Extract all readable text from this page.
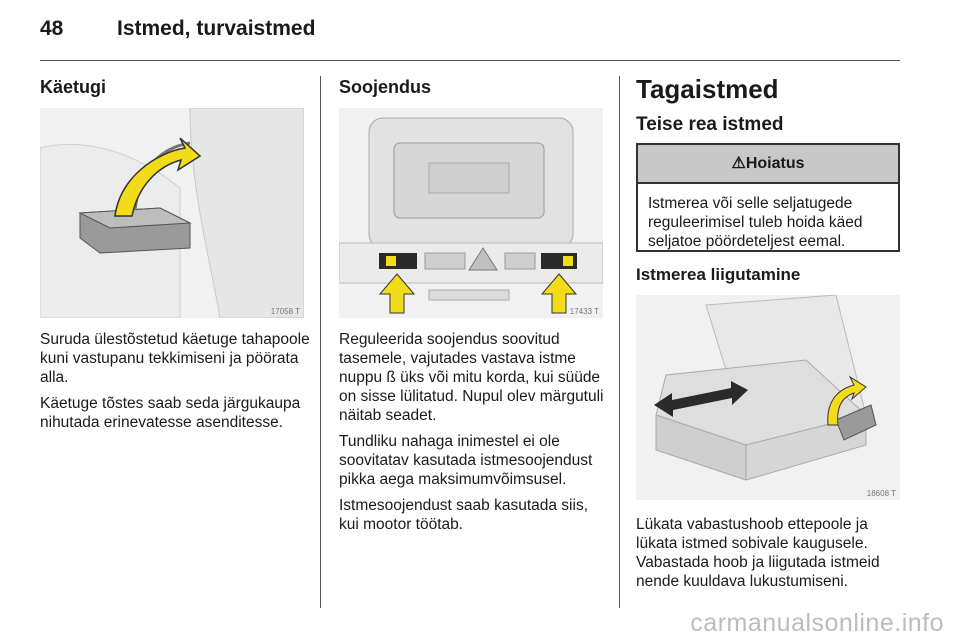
48	Istmed, turvaistmed
Käetugi
17058 T

Suruda ülestõstetud käetuge tahapoole kuni vastupanu tekkimiseni ja pöörata alla.

Käetuge tõstes saab seda järgukaupa nihutada erinevatesse asenditesse.

Soojendus
17433 T

Reguleerida soojendus soovitud tasemele, vajutades vastava istme nuppu ß üks või mitu korda, kui süüde on sisse lülitatud. Nupul olev märgutuli näitab seadet.

Tundliku nahaga inimestel ei ole soovitatav kasutada istmesoojendust pikka aega maksimumvõimsusel.

Istmesoojendust saab kasutada siis, kui mootor töötab.

Tagaistmed
Teise rea istmed
⚠Hoiatus
Istmerea või selle seljatugede reguleerimisel tuleb hoida käed seljatoe pöördeteljest eemal.
Istmerea liigutamine
18608 T

Lükata vabastushoob ettepoole ja lükata istmed sobivale kaugusele. Vabastada hoob ja liigutada istmeid nende kuuldava lukustumiseni.

carmanualsonline.info
